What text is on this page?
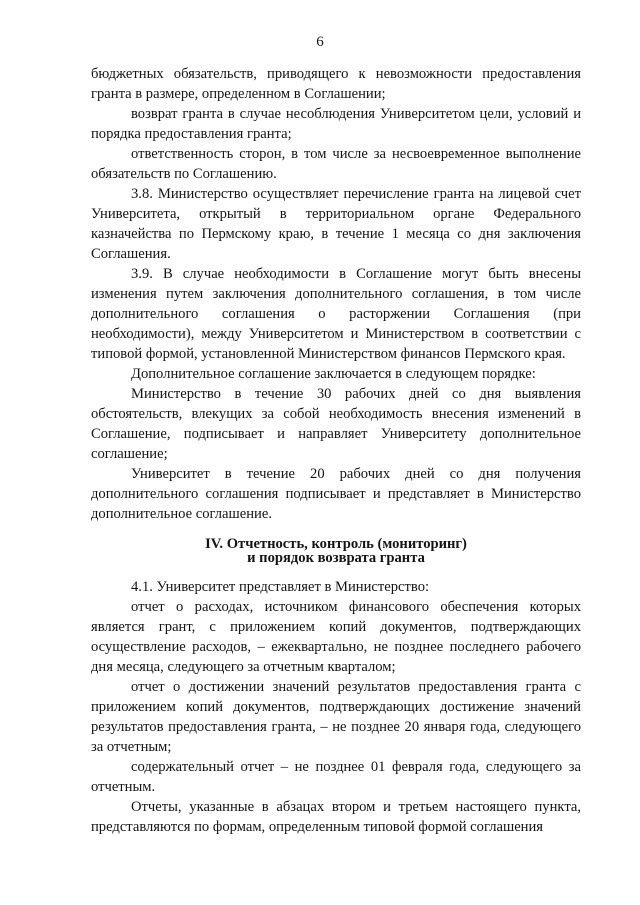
6

бюджетных обязательств, приводящего к невозможности предоставления гранта в размере, определенном в Соглашении;

возврат гранта в случае несоблюдения Университетом цели, условий и порядка предоставления гранта;

ответственность сторон, в том числе за несвоевременное выполнение обязательств по Соглашению.

3.8. Министерство осуществляет перечисление гранта на лицевой счет Университета, открытый в территориальном органе Федерального казначейства по Пермскому краю, в течение 1 месяца со дня заключения Соглашения.

3.9. В случае необходимости в Соглашение могут быть внесены изменения путем заключения дополнительного соглашения, в том числе дополнительного соглашения о расторжении Соглашения (при необходимости), между Университетом и Министерством в соответствии с типовой формой, установленной Министерством финансов Пермского края.

Дополнительное соглашение заключается в следующем порядке:

Министерство в течение 30 рабочих дней со дня выявления обстоятельств, влекущих за собой необходимость внесения изменений в Соглашение, подписывает и направляет Университету дополнительное соглашение;

Университет в течение 20 рабочих дней со дня получения дополнительного соглашения подписывает и представляет в Министерство дополнительное соглашение.

IV. Отчетность, контроль (мониторинг)
и порядок возврата гранта

4.1. Университет представляет в Министерство:

отчет о расходах, источником финансового обеспечения которых является грант, с приложением копий документов, подтверждающих осуществление расходов, – ежеквартально, не позднее последнего рабочего дня месяца, следующего за отчетным кварталом;

отчет о достижении значений результатов предоставления гранта с приложением копий документов, подтверждающих достижение значений результатов предоставления гранта, – не позднее 20 января года, следующего за отчетным;

содержательный отчет – не позднее 01 февраля года, следующего за отчетным.

Отчеты, указанные в абзацах втором и третьем настоящего пункта, представляются по формам, определенным типовой формой соглашения
